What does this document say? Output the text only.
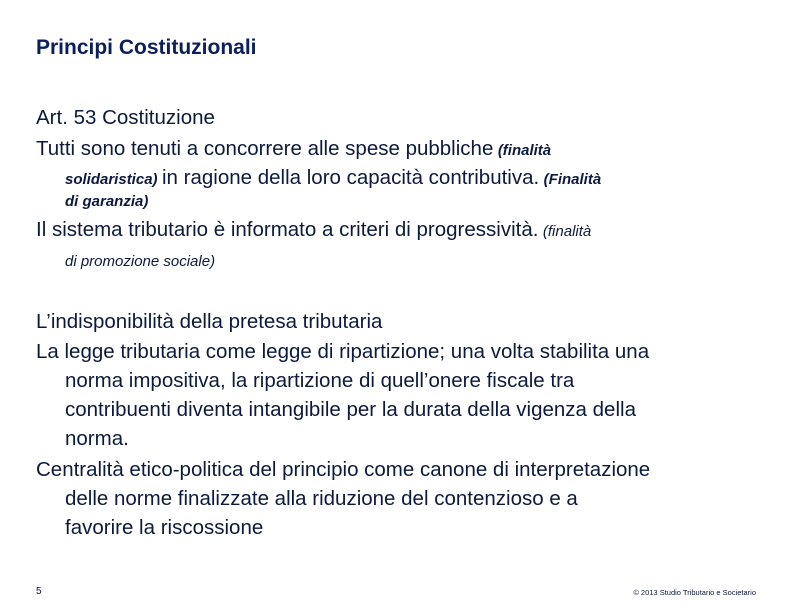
Principi Costituzionali
Art. 53 Costituzione
Tutti sono tenuti a concorrere alle spese pubbliche (finalità
solidaristica) in ragione della loro capacità contributiva. (Finalità
di garanzia)
Il sistema tributario è informato a criteri di progressività. (finalità
di promozione sociale)
L’indisponibilità della pretesa tributaria
La legge tributaria come legge di ripartizione; una volta stabilita una
norma impositiva, la ripartizione di quell’onere fiscale tra
contribuenti diventa intangibile per la durata della vigenza della
norma.
Centralità etico-politica del principio come canone di interpretazione
delle norme finalizzate alla riduzione del contenzioso e a
favorire la riscossione
5	© 2013 Studio Tributario e Societario
